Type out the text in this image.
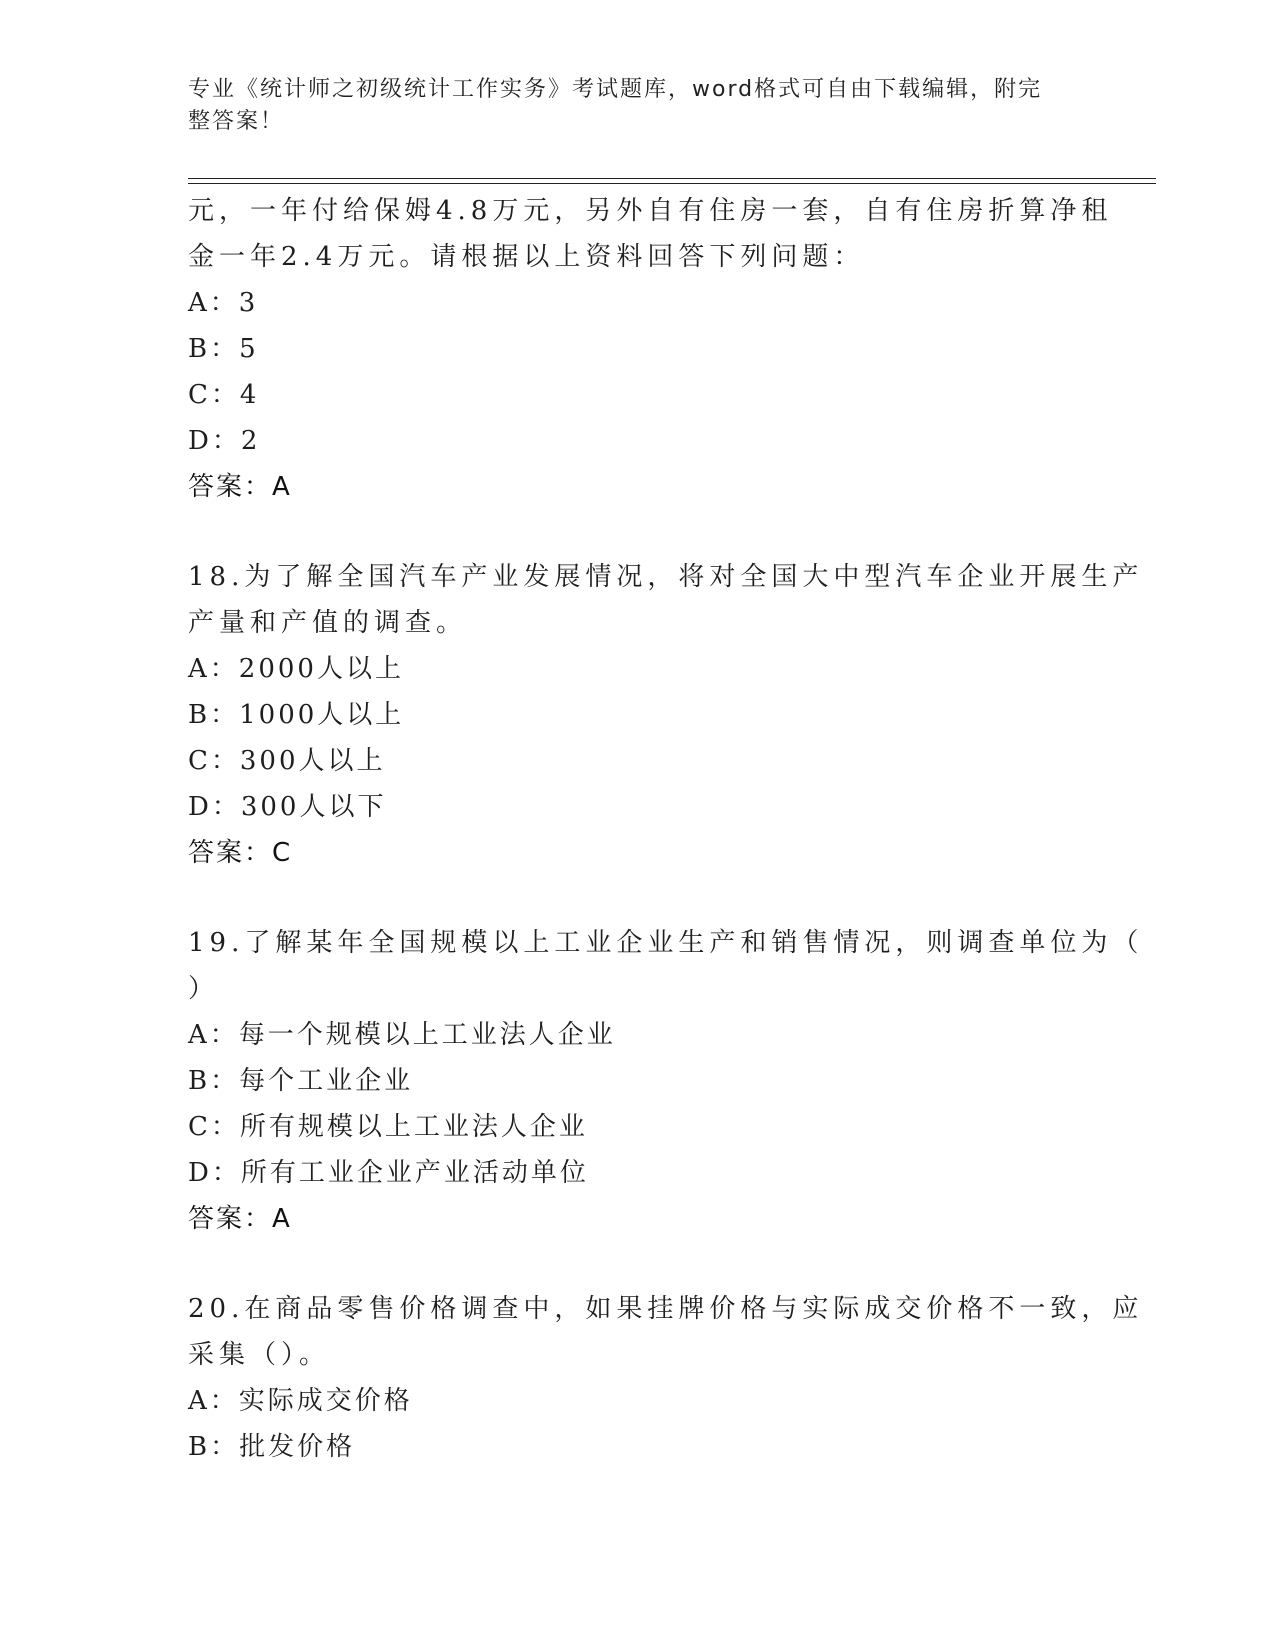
专业《统计师之初级统计工作实务》考试题库，word格式可自由下载编辑，附完
整答案！
元，一年付给保姆4.8万元，另外自有住房一套，自有住房折算净租
金一年2.4万元。请根据以上资料回答下列问题：
A：3
B：5
C：4
D：2
答案：A
18.为了解全国汽车产业发展情况，将对全国大中型汽车企业开展生产
产量和产值的调查。
A：2000人以上
B：1000人以上
C：300人以上
D：300人以下
答案：C
19.了解某年全国规模以上工业企业生产和销售情况，则调查单位为（
）
A：每一个规模以上工业法人企业
B：每个工业企业
C：所有规模以上工业法人企业
D：所有工业企业产业活动单位
答案：A
20.在商品零售价格调查中，如果挂牌价格与实际成交价格不一致，应
采集（）。
A：实际成交价格
B：批发价格
